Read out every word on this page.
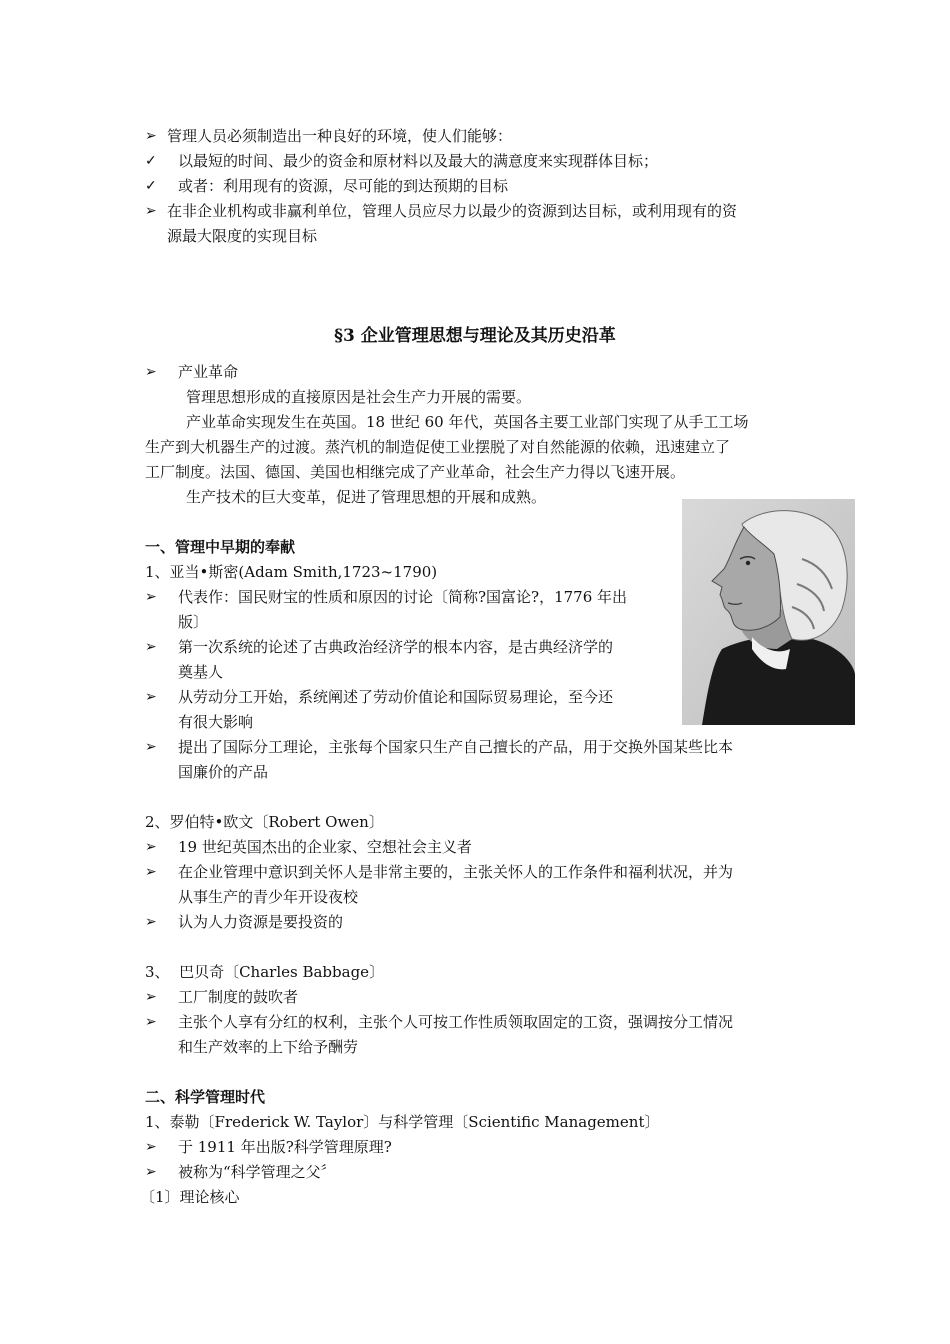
➢ 管理人员必须制造出一种良好的环境，使人们能够：
✓ 以最短的时间、最少的资金和原材料以及最大的满意度来实现群体目标；
✓ 或者：利用现有的资源，尽可能的到达预期的目标
➢ 在非企业机构或非赢利单位，管理人员应尽力以最少的资源到达目标，或利用现有的资
源最大限度的实现目标
§3 企业管理思想与理论及其历史沿革
➢ 产业革命
管理思想形成的直接原因是社会生产力开展的需要。
产业革命实现发生在英国。18 世纪 60 年代，英国各主要工业部门实现了从手工工场
生产到大机器生产的过渡。蒸汽机的制造促使工业摆脱了对自然能源的依赖，迅速建立了
工厂制度。法国、德国、美国也相继完成了产业革命，社会生产力得以飞速开展。
生产技术的巨大变革，促进了管理思想的开展和成熟。
一、管理中早期的奉献
1、亚当•斯密(Adam Smith,1723~1790)
➢ 代表作：国民财宝的性质和原因的讨论〔简称?国富论?，1776 年出
版〕
➢ 第一次系统的论述了古典政治经济学的根本内容，是古典经济学的
奠基人
➢ 从劳动分工开始，系统阐述了劳动价值论和国际贸易理论，至今还
有很大影响
➢ 提出了国际分工理论，主张每个国家只生产自己擅长的产品，用于交换外国某些比本
国廉价的产品
2、罗伯特•欧文〔Robert Owen〕
➢ 19 世纪英国杰出的企业家、空想社会主义者
➢ 在企业管理中意识到关怀人是非常主要的，主张关怀人的工作条件和福利状况，并为
从事生产的青少年开设夜校
➢ 认为人力资源是要投资的
3、  巴贝奇〔Charles Babbage〕
➢ 工厂制度的鼓吹者
➢ 主张个人享有分红的权利，主张个人可按工作性质领取固定的工资，强调按分工情况
和生产效率的上下给予酬劳
二、科学管理时代
1、泰勒〔Frederick W. Taylor〕与科学管理〔Scientific Management〕
➢ 于 1911 年出版?科学管理原理?
➢ 被称为“科学管理之父〞
〔1〕理论核心
